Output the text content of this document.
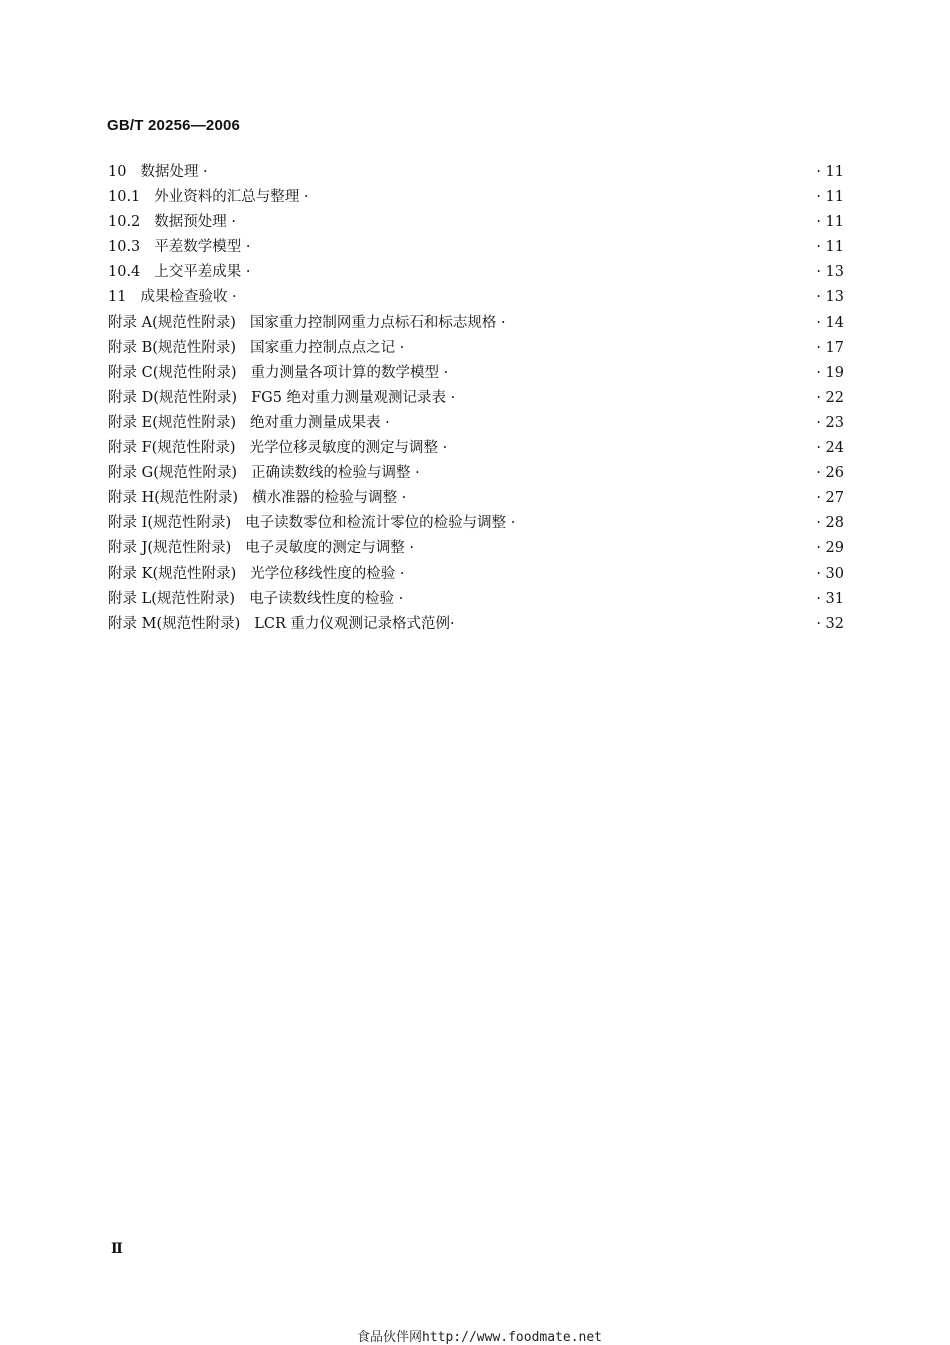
GB/T 20256—2006
10 数据处理 ·	· 11
10.1 外业资料的汇总与整理 ·	· 11
10.2 数据预处理 ·	· 11
10.3 平差数学模型 ·	· 11
10.4 上交平差成果 ·	· 13
11 成果检查验收 ·	· 13
附录 A(规范性附录) 国家重力控制网重力点标石和标志规格 ·	· 14
附录 B(规范性附录) 国家重力控制点点之记 ·	· 17
附录 C(规范性附录) 重力测量各项计算的数学模型 ·	· 19
附录 D(规范性附录) FG5 绝对重力测量观测记录表 ·	· 22
附录 E(规范性附录) 绝对重力测量成果表 ·	· 23
附录 F(规范性附录) 光学位移灵敏度的测定与调整 ·	· 24
附录 G(规范性附录) 正确读数线的检验与调整 ·	· 26
附录 H(规范性附录) 横水准器的检验与调整 ·	· 27
附录 I(规范性附录) 电子读数零位和检流计零位的检验与调整 ·	· 28
附录 J(规范性附录) 电子灵敏度的测定与调整 ·	· 29
附录 K(规范性附录) 光学位移线性度的检验 ·	· 30
附录 L(规范性附录) 电子读数线性度的检验 ·	· 31
附录 M(规范性附录) LCR 重力仪观测记录格式范例·	· 32
Ⅱ
食品伙伴网http://www.foodmate.net
